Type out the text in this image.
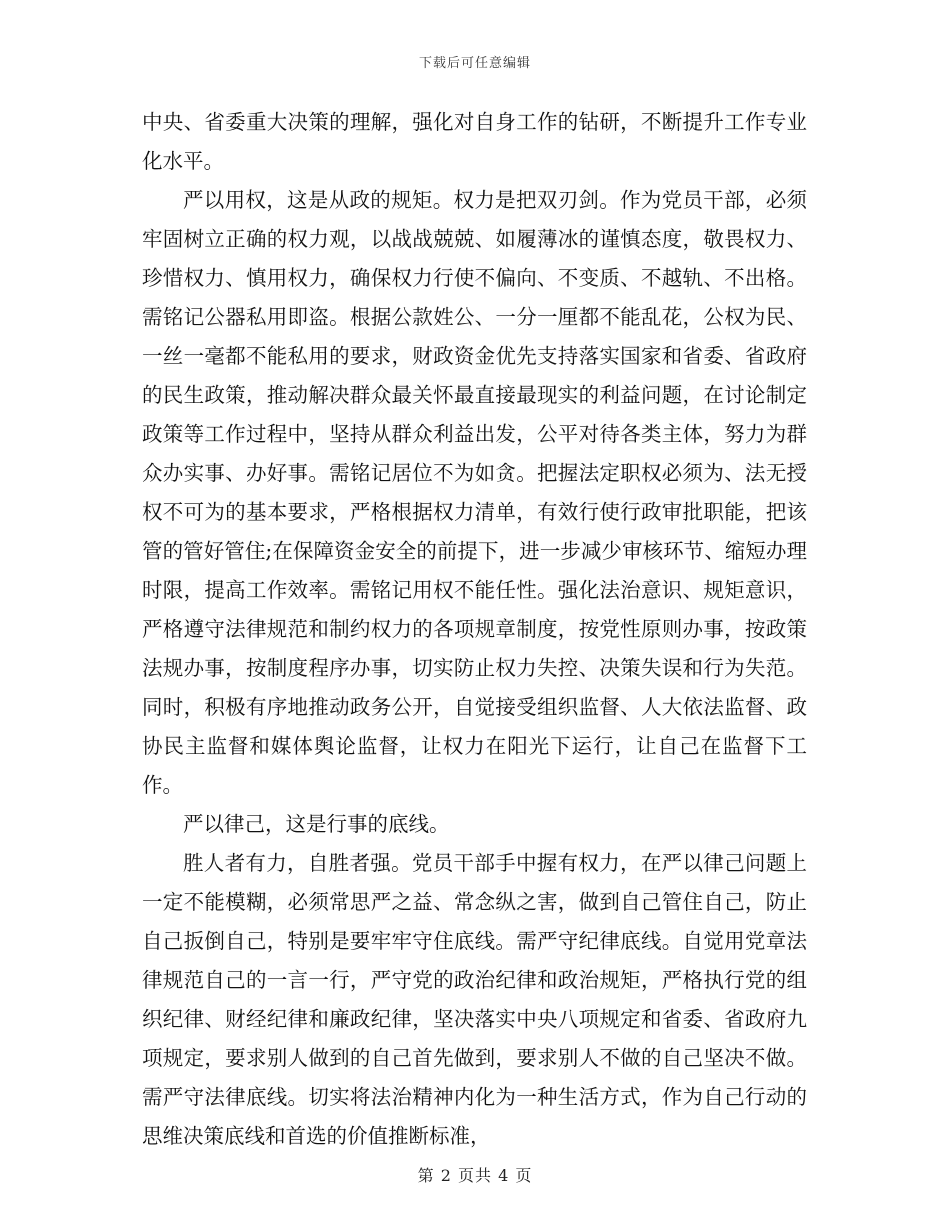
下载后可任意编辑

中央、省委重大决策的理解，强化对自身工作的钻研，不断提升工作专业化水平。

严以用权，这是从政的规矩。权力是把双刃剑。作为党员干部，必须牢固树立正确的权力观，以战战兢兢、如履薄冰的谨慎态度，敬畏权力、珍惜权力、慎用权力，确保权力行使不偏向、不变质、不越轨、不出格。需铭记公器私用即盗。根据公款姓公、一分一厘都不能乱花，公权为民、一丝一毫都不能私用的要求，财政资金优先支持落实国家和省委、省政府的民生政策，推动解决群众最关怀最直接最现实的利益问题，在讨论制定政策等工作过程中，坚持从群众利益出发，公平对待各类主体，努力为群众办实事、办好事。需铭记居位不为如贪。把握法定职权必须为、法无授权不可为的基本要求，严格根据权力清单，有效行使行政审批职能，把该管的管好管住;在保障资金安全的前提下，进一步减少审核环节、缩短办理时限，提高工作效率。需铭记用权不能任性。强化法治意识、规矩意识，严格遵守法律规范和制约权力的各项规章制度，按党性原则办事，按政策法规办事，按制度程序办事，切实防止权力失控、决策失误和行为失范。同时，积极有序地推动政务公开，自觉接受组织监督、人大依法监督、政协民主监督和媒体舆论监督，让权力在阳光下运行，让自己在监督下工作。

严以律己，这是行事的底线。

胜人者有力，自胜者强。党员干部手中握有权力，在严以律己问题上一定不能模糊，必须常思严之益、常念纵之害，做到自己管住自己，防止自己扳倒自己，特别是要牢牢守住底线。需严守纪律底线。自觉用党章法律规范自己的一言一行，严守党的政治纪律和政治规矩，严格执行党的组织纪律、财经纪律和廉政纪律，坚决落实中央八项规定和省委、省政府九项规定，要求别人做到的自己首先做到，要求别人不做的自己坚决不做。需严守法律底线。切实将法治精神内化为一种生活方式，作为自己行动的思维决策底线和首选的价值推断标准，

第 2 页共 4 页
